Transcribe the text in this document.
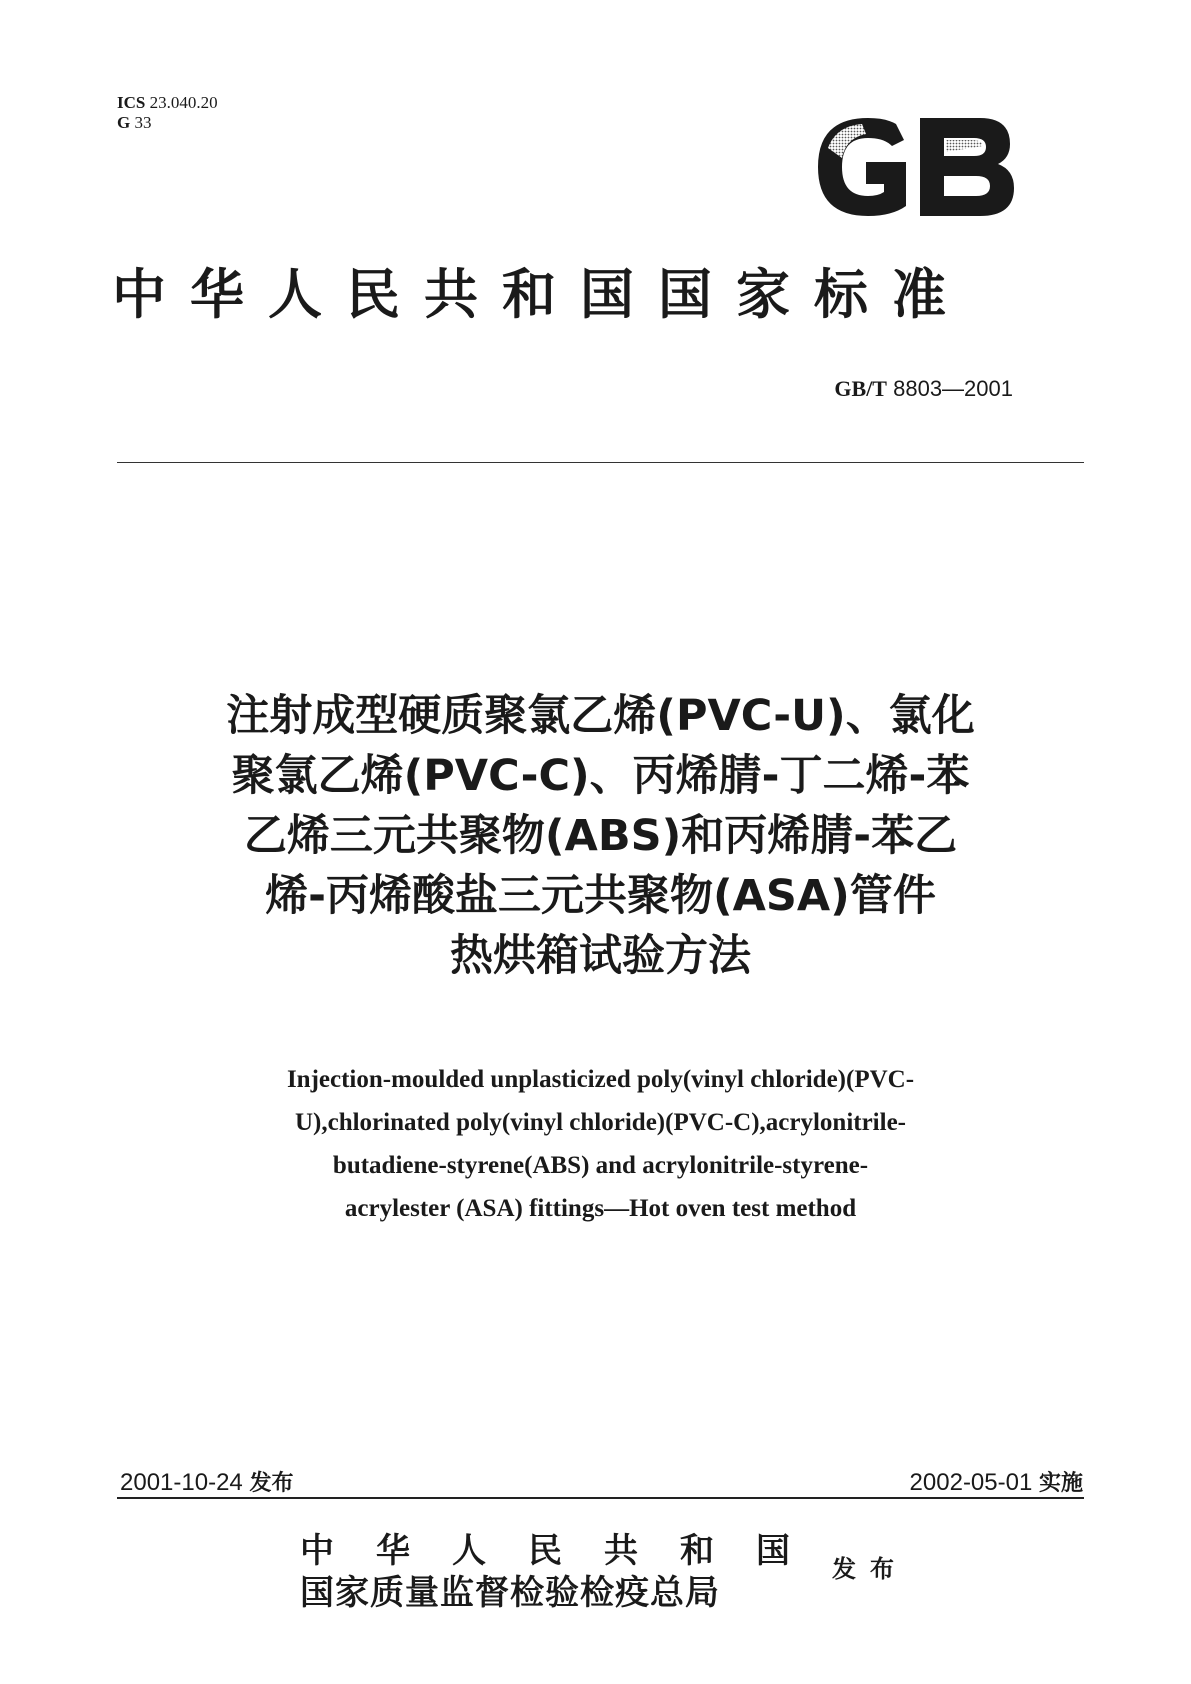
ICS 23.040.20
G 33
中华人民共和国国家标准
GB/T 8803—2001
注射成型硬质聚氯乙烯(PVC-U)、氯化
聚氯乙烯(PVC-C)、丙烯腈-丁二烯-苯
乙烯三元共聚物(ABS)和丙烯腈-苯乙
烯-丙烯酸盐三元共聚物(ASA)管件
热烘箱试验方法
Injection-moulded unplasticized poly(vinyl chloride)(PVC-
U),chlorinated poly(vinyl chloride)(PVC-C),acrylonitrile-
butadiene-styrene(ABS) and acrylonitrile-styrene-
acrylester (ASA) fittings—Hot oven test method
2001-10-24 发布	2002-05-01 实施
中华人民共和国
国家质量监督检验检疫总局
发布
